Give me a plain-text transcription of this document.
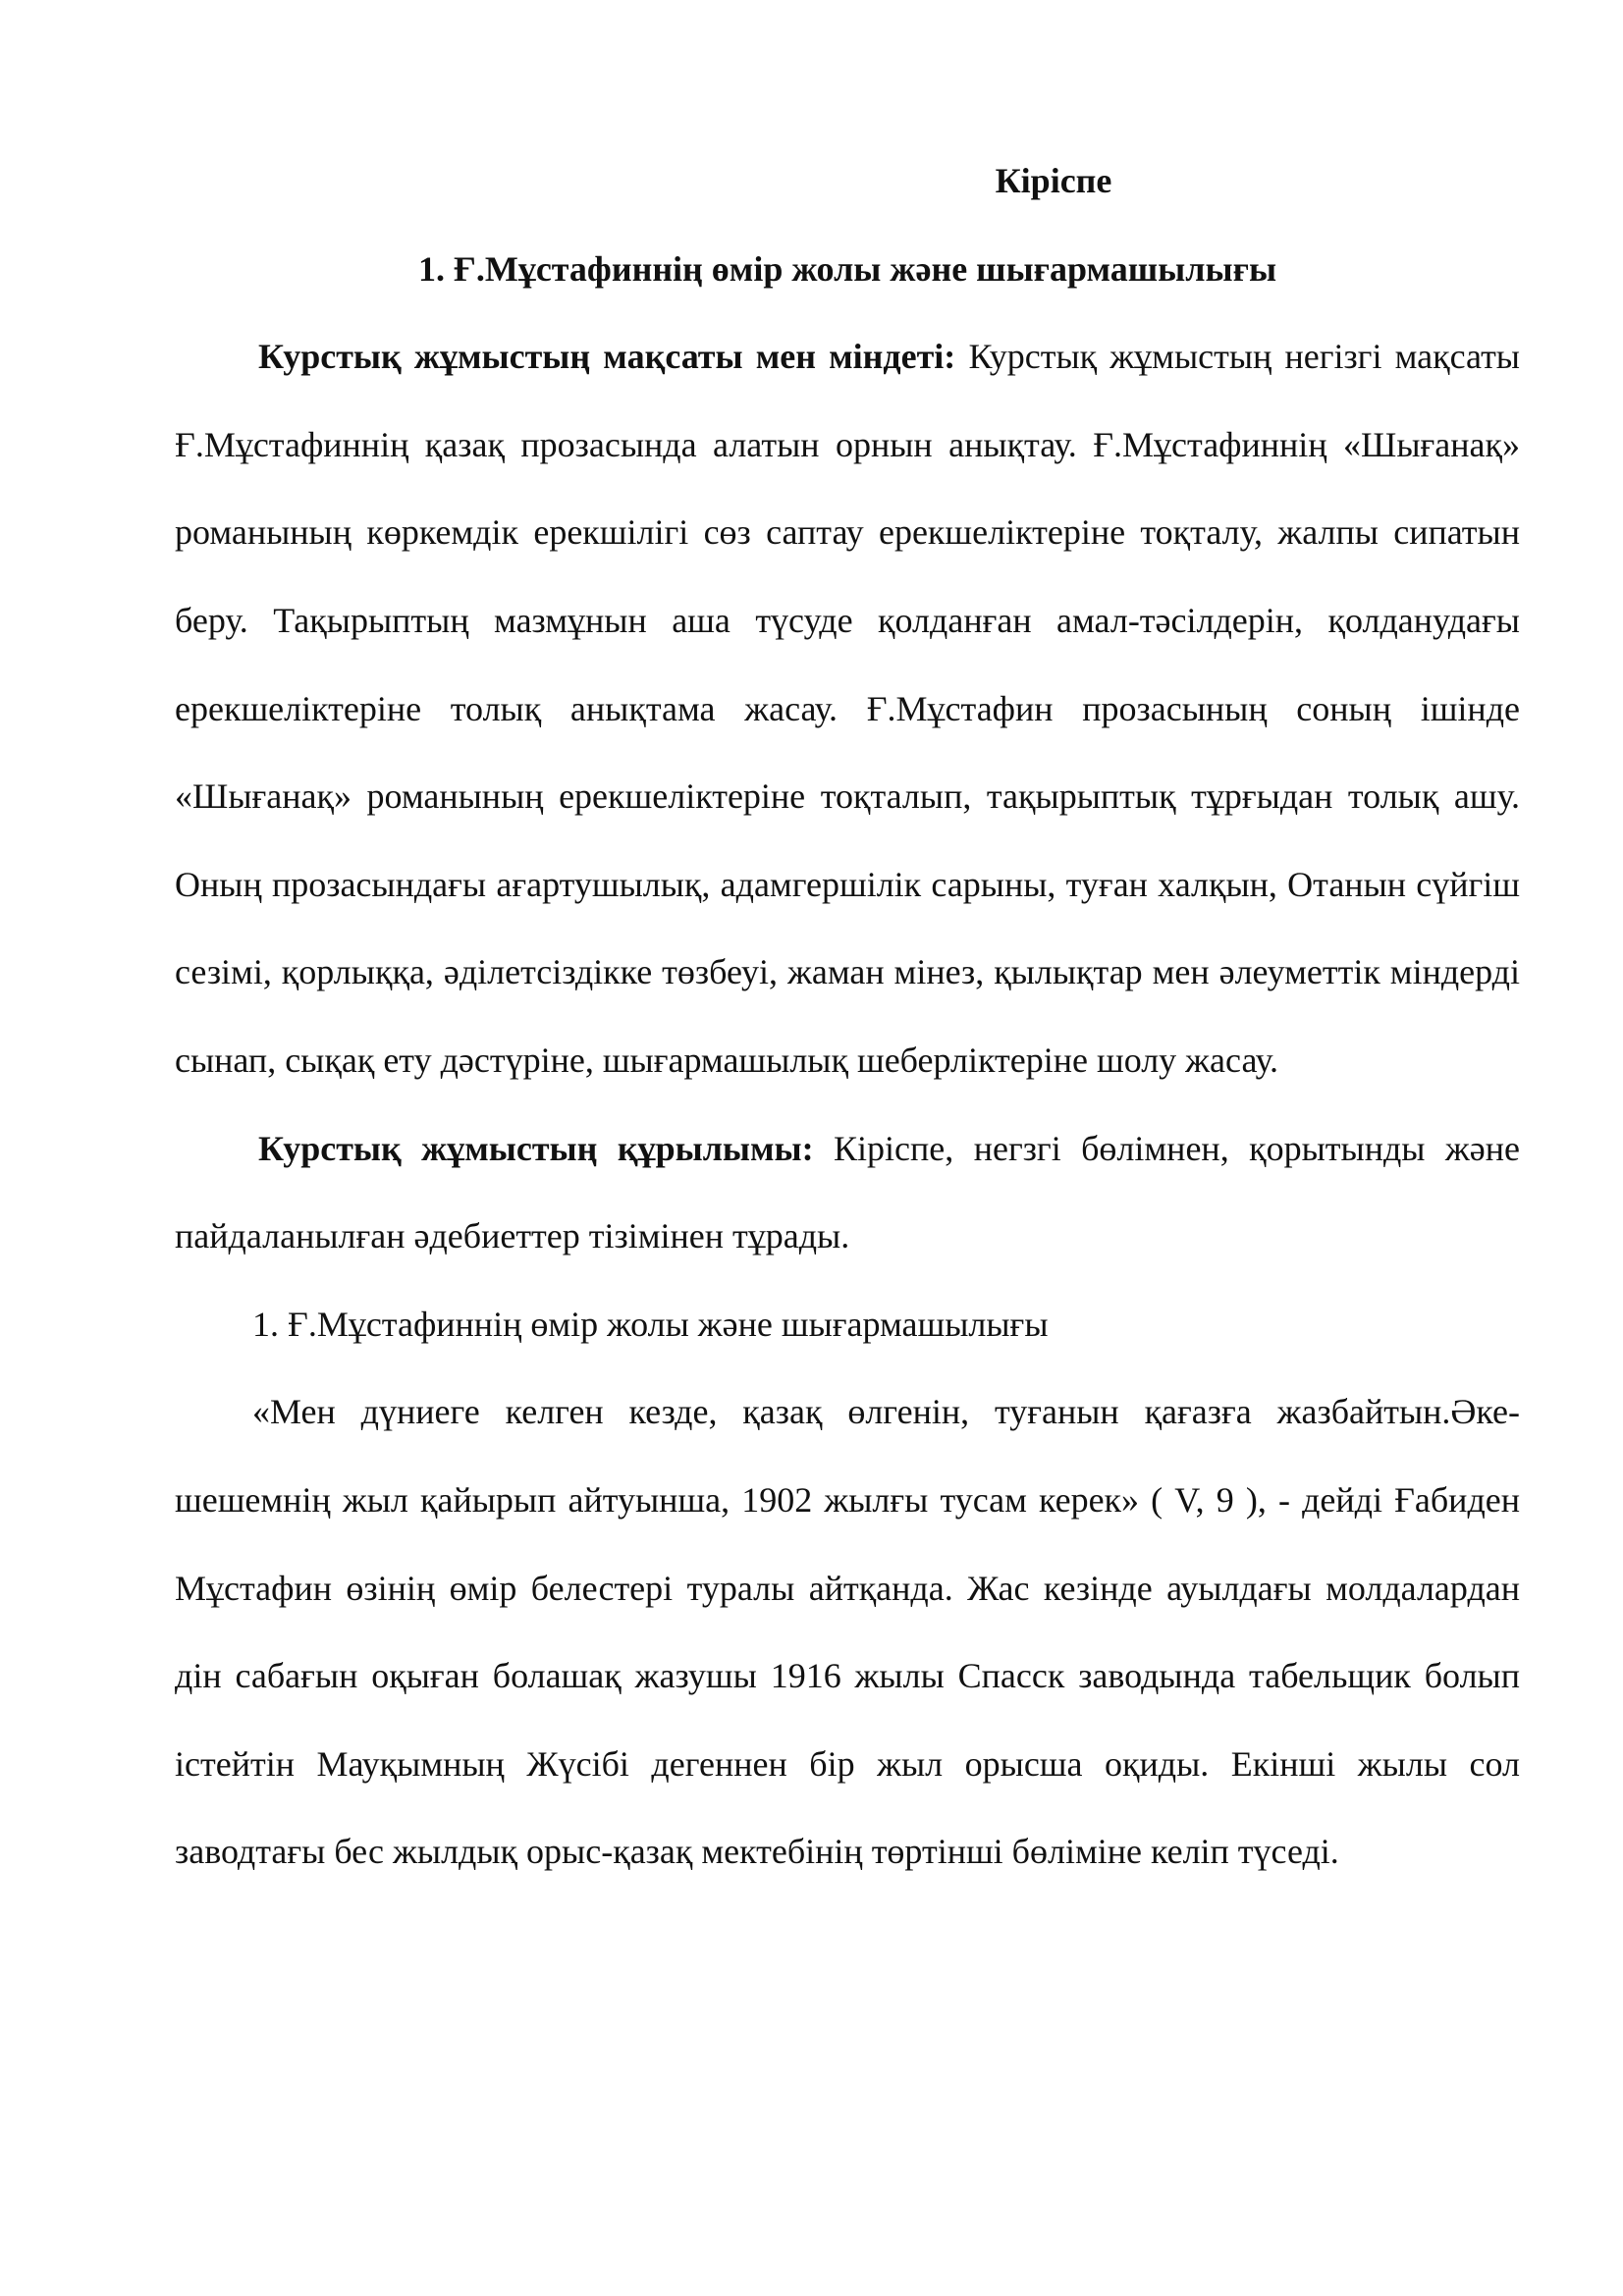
Кіріспе
1. Ғ.Мұстафиннің өмір жолы және шығармашылығы

Курстық жұмыстың мақсаты мен міндеті: Курстық жұмыстың негізгі мақсаты Ғ.Мұстафиннің қазақ прозасында алатын орнын анықтау. Ғ.Мұстафиннің «Шығанақ» романының көркемдік ерекшілігі сөз саптау ерекшеліктеріне тоқталу, жалпы сипатын беру. Тақырыптың мазмұнын аша түсуде қолданған амал-тәсілдерін, қолданудағы ерекшеліктеріне толық анықтама жасау. Ғ.Мұстафин прозасының соның ішінде «Шығанақ» романының ерекшеліктеріне тоқталып, тақырыптық тұрғыдан толық ашу. Оның прозасындағы ағартушылық, адамгершілік сарыны, туған халқын, Отанын сүйгіш сезімі, қорлыққа, әділетсіздікке төзбеуі, жаман мінез, қылықтар мен әлеуметтік міндерді сынап, сықақ ету дәстүріне, шығармашылық шеберліктеріне шолу жасау.

Курстық жұмыстың құрылымы: Кіріспе, негзгі бөлімнен, қорытынды және пайдаланылған әдебиеттер тізімінен тұрады.

1. Ғ.Мұстафиннің өмір жолы және шығармашылығы

«Мен дүниеге келген кезде, қазақ өлгенін, туғанын қағазға жазбайтын.Әке-шешемнің жыл қайырып айтуынша, 1902 жылғы тусам керек» ( V, 9 ), - дейді Ғабиден Мұстафин өзінің өмір белестері туралы айтқанда. Жас кезінде ауылдағы молдалардан дін сабағын оқыған болашақ жазушы 1916 жылы Спасск заводында табельщик болып істейтін Мауқымның Жүсібі дегеннен бір жыл орысша оқиды. Екінші жылы сол заводтағы бес жылдық орыс-қазақ мектебінің төртінші бөліміне келіп түседі.
